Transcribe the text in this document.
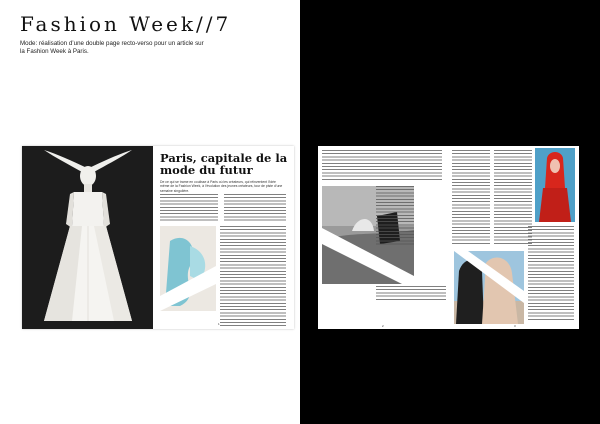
Fashion Week//7
Mode: réalisation d’une double page recto-verso pour un article sur la Fashion Week à Paris.
Paris, capitale de la mode du futur
De ce qui se trame en coulisse à Paris où les créateurs, qui réinventent l’idée même de la Fashion Week, à l’évolution des jeunes créateurs, tour de piste d’une semaine singulière.
1	2	3
